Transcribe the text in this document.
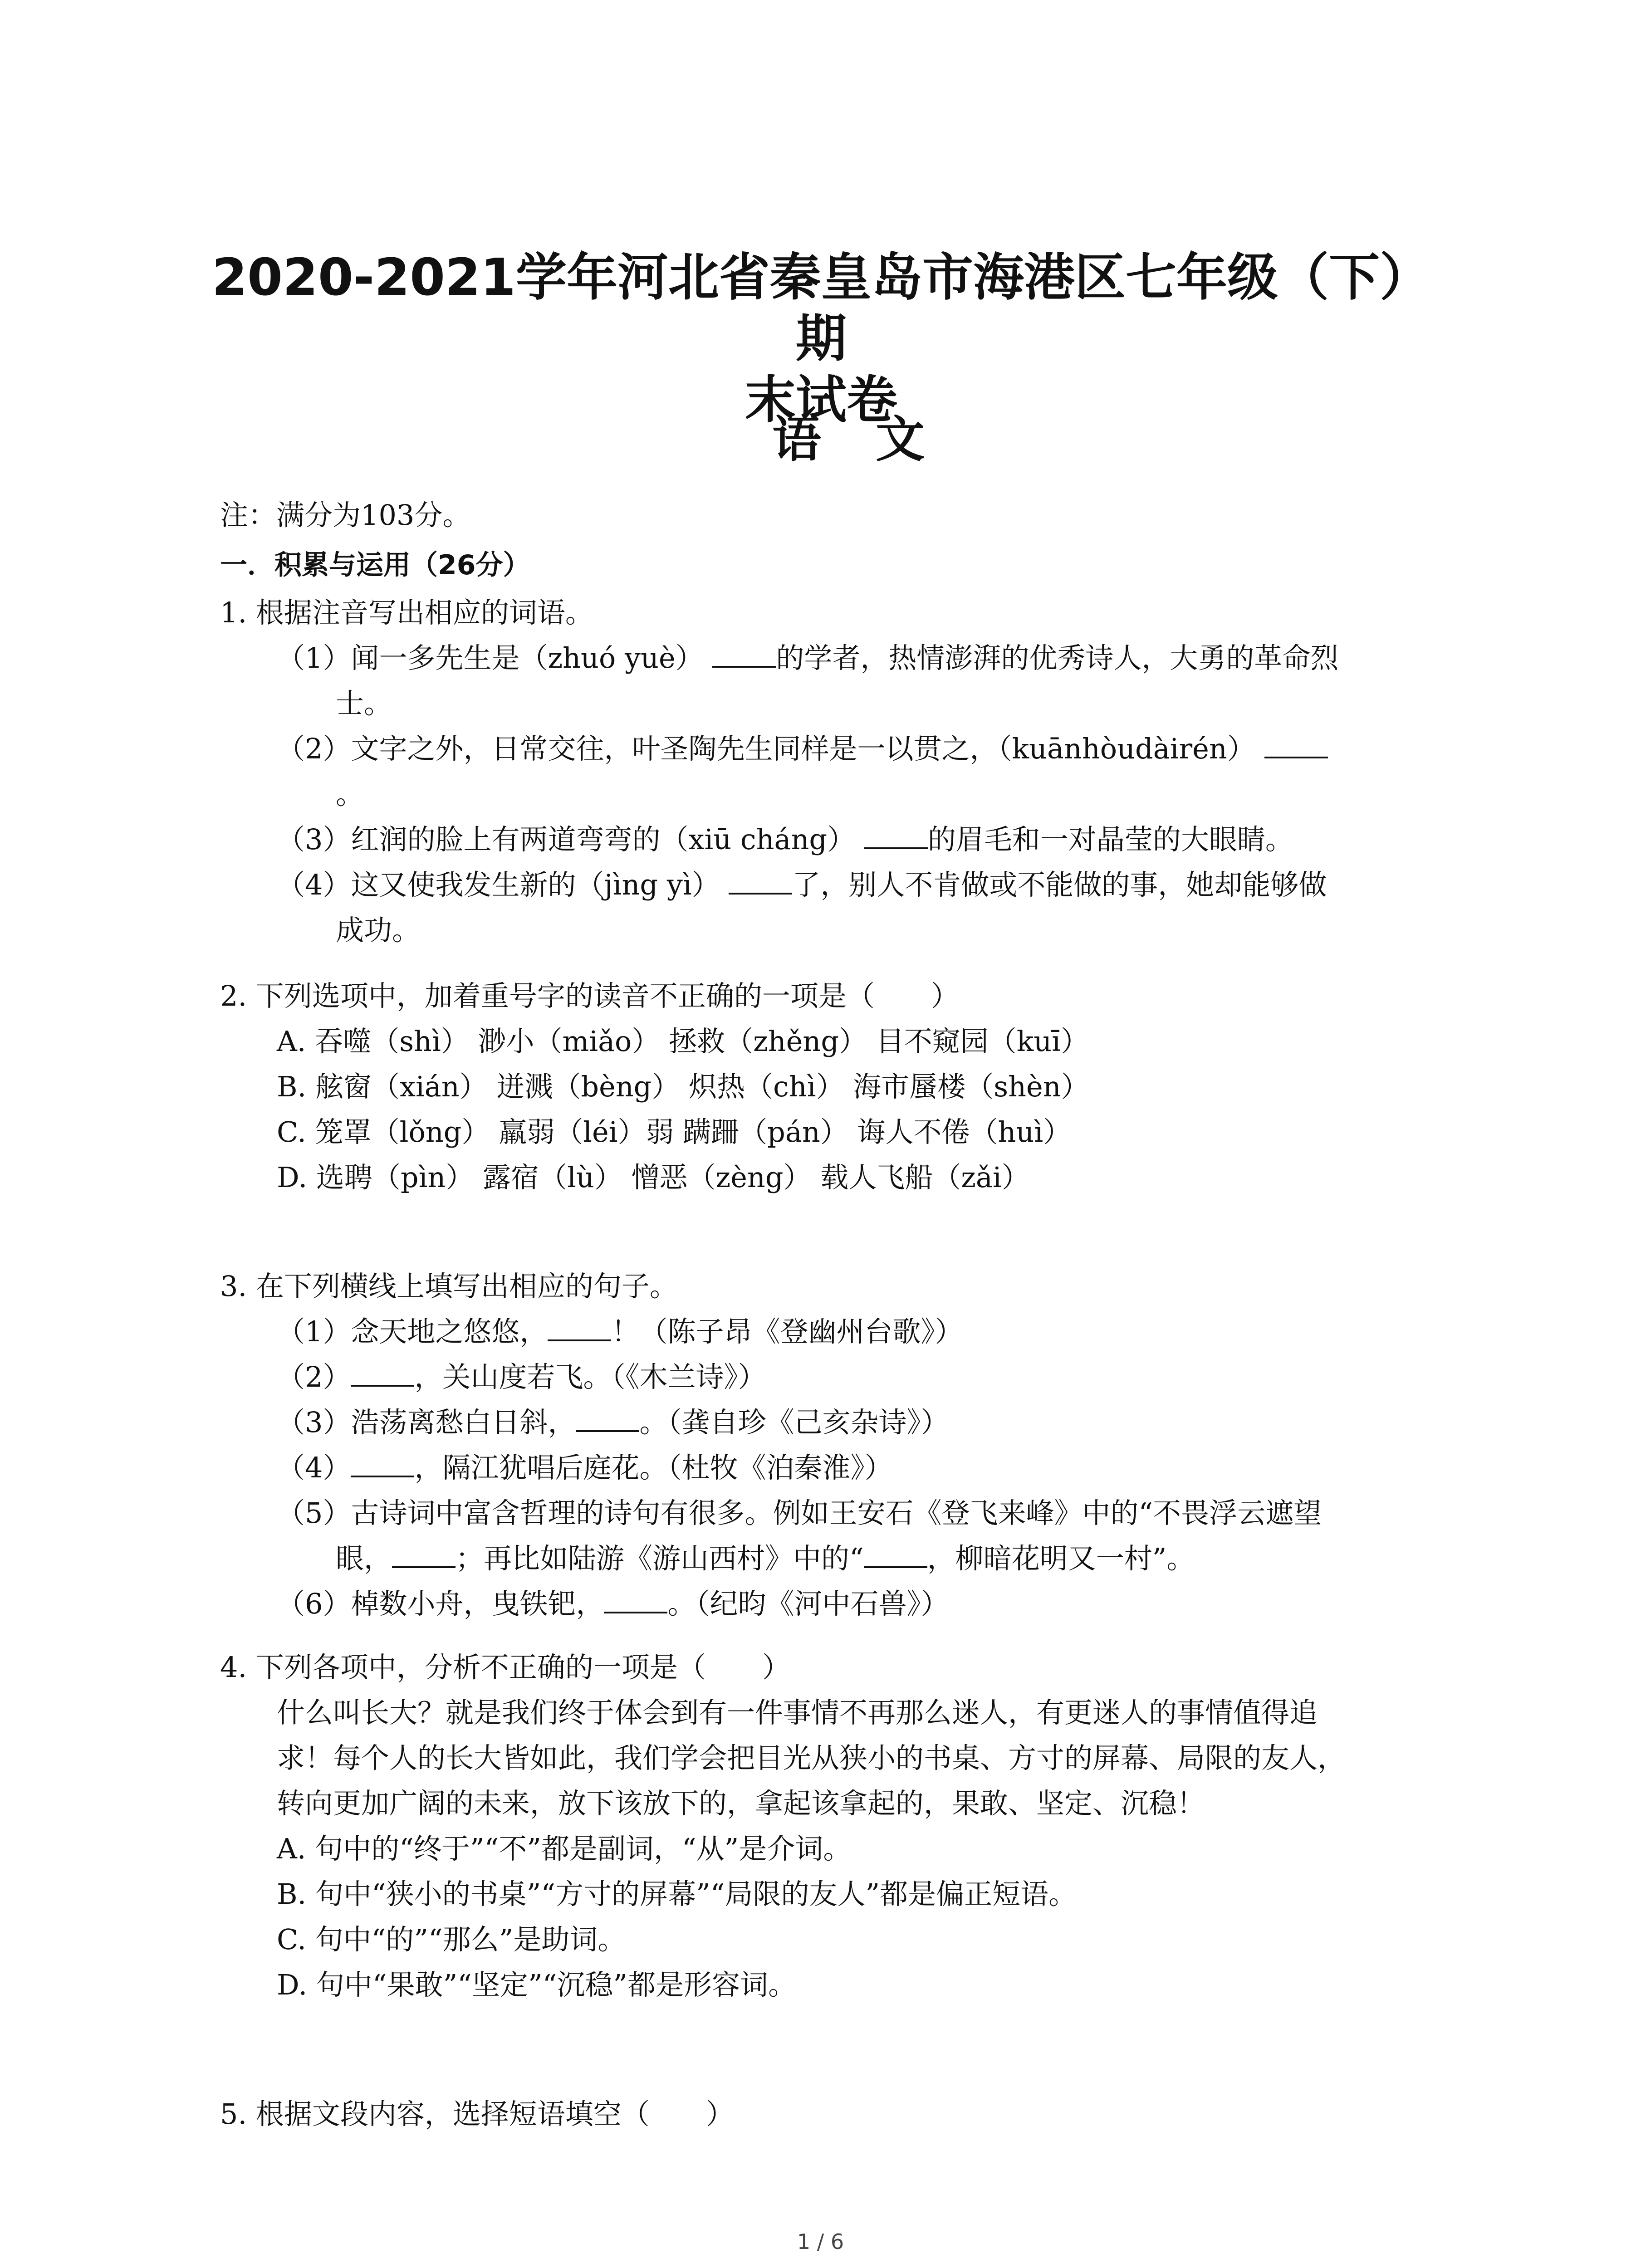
2020-2021学年河北省秦皇岛市海港区七年级（下）期
末试卷
语文

注：满分为103分。

一．积累与运用（26分）

1. 根据注音写出相应的词语。

（1）闻一多先生是（zhuó yuè）	的学者，热情澎湃的优秀诗人，大勇的革命烈

士。

（2）文字之外，日常交往，叶圣陶先生同样是一以贯之，（kuānhòudàirén）

。

（3）红润的脸上有两道弯弯的（xiū cháng）	的眉毛和一对晶莹的大眼睛。

（4）这又使我发生新的（jìng yì）	了，别人不肯做或不能做的事，她却能够做

成功。

2. 下列选项中，加着重号字的读音不正确的一项是（　　）

A. 吞噬（shì） 渺小（miǎo） 拯救（zhěng） 目不窥园（kuī）

B. 舷窗（xián） 迸溅（bèng） 炽热（chì） 海市蜃楼（shèn）

C. 笼罩（lǒng） 羸弱（léi）弱 蹒跚（pán） 诲人不倦（huì）

D. 选聘（pìn） 露宿（lù） 憎恶（zèng） 载人飞船（zǎi）

3. 在下列横线上填写出相应的句子。

（1）念天地之悠悠， ！（陈子昂《登幽州台歌》）

（2） ，关山度若飞。（《木兰诗》）

（3）浩荡离愁白日斜， 。（龚自珍《己亥杂诗》）

（4） ，隔江犹唱后庭花。（杜牧《泊秦淮》）

（5）古诗词中富含哲理的诗句有很多。例如王安石《登飞来峰》中的“不畏浮云遮望

眼， ；再比如陆游《游山西村》中的“ ，柳暗花明又一村”。

（6）棹数小舟，曳铁钯， 。（纪昀《河中石兽》）

4. 下列各项中，分析不正确的一项是（　　）

什么叫长大？就是我们终于体会到有一件事情不再那么迷人，有更迷人的事情值得追

求！每个人的长大皆如此，我们学会把目光从狭小的书桌、方寸的屏幕、局限的友人，

转向更加广阔的未来，放下该放下的，拿起该拿起的，果敢、坚定、沉稳！

A. 句中的“终于”“不”都是副词，“从”是介词。

B. 句中“狭小的书桌”“方寸的屏幕”“局限的友人”都是偏正短语。

C. 句中“的”“那么”是助词。

D. 句中“果敢”“坚定”“沉稳”都是形容词。

5. 根据文段内容，选择短语填空（　　）

1 / 6
